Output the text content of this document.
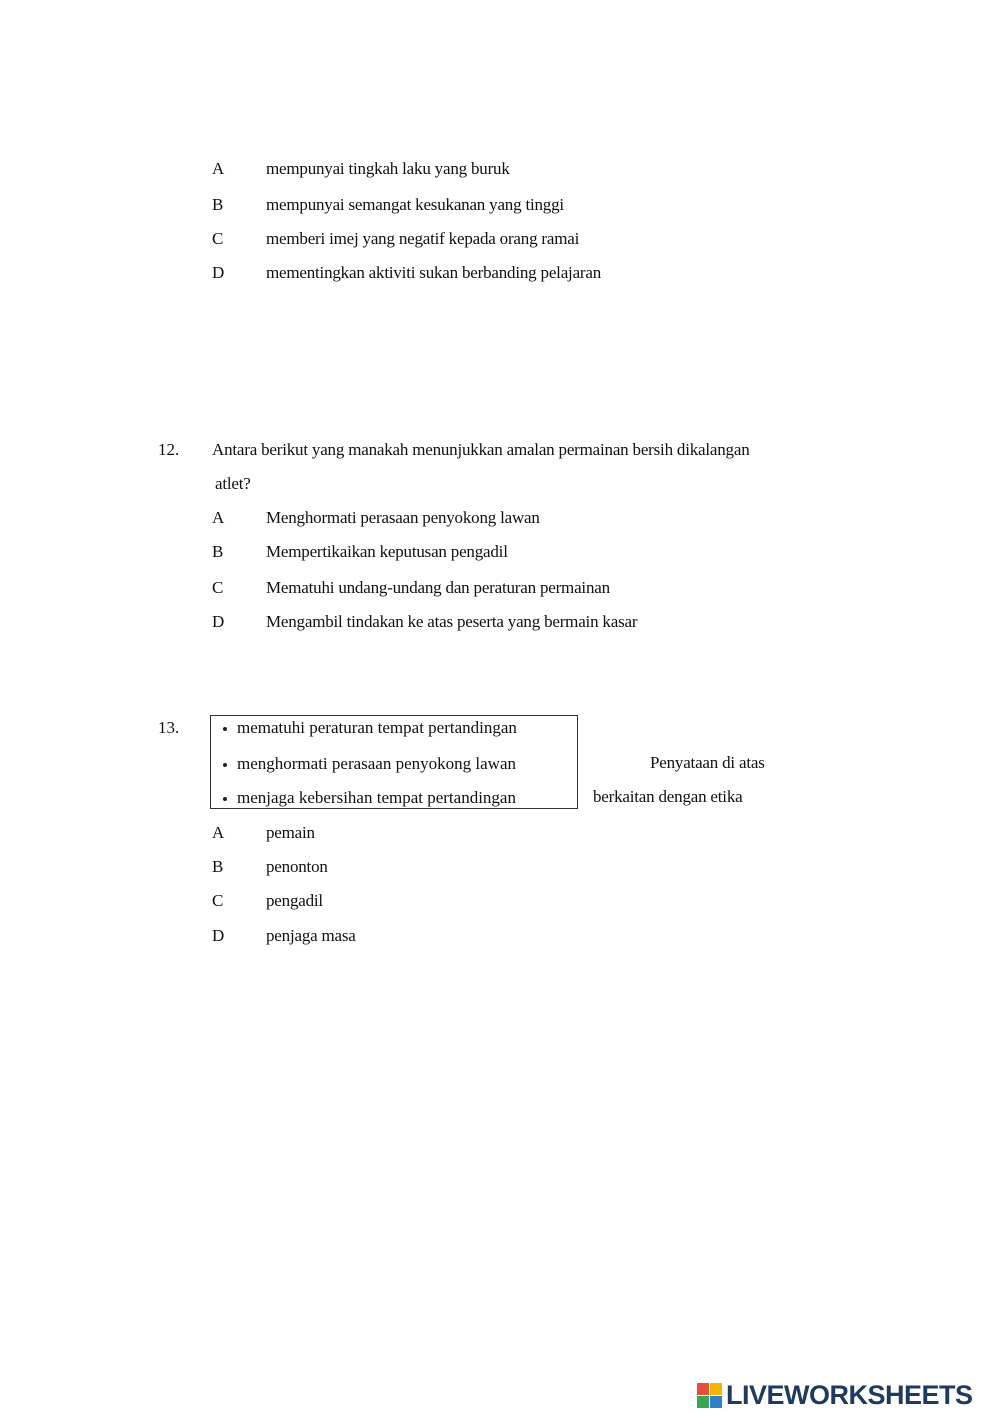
A mempunyai tingkah laku yang buruk
B	mempunyai semangat kesukanan yang tinggi
C	memberi imej yang negatif kepada orang ramai
D mementingkan aktiviti sukan berbanding pelajaran
12. Antara berikut yang manakah menunjukkan amalan permainan bersih dikalangan
atlet?
A Menghormati perasaan penyokong lawan
B	Mempertikaikan keputusan pengadil
C	Mematuhi undang-undang dan peraturan permainan
D Mengambil tindakan ke atas peserta yang bermain kasar
13.	mematuhi peraturan tempat pertandingan
menghormati perasaan penyokong lawan
menjaga kebersihan tempat pertandingan
Penyataan di atas
berkaitan dengan etika
A pemain
B	penonton
C	pengadil
D penjaga masa
LIVEWORKSHEETS
